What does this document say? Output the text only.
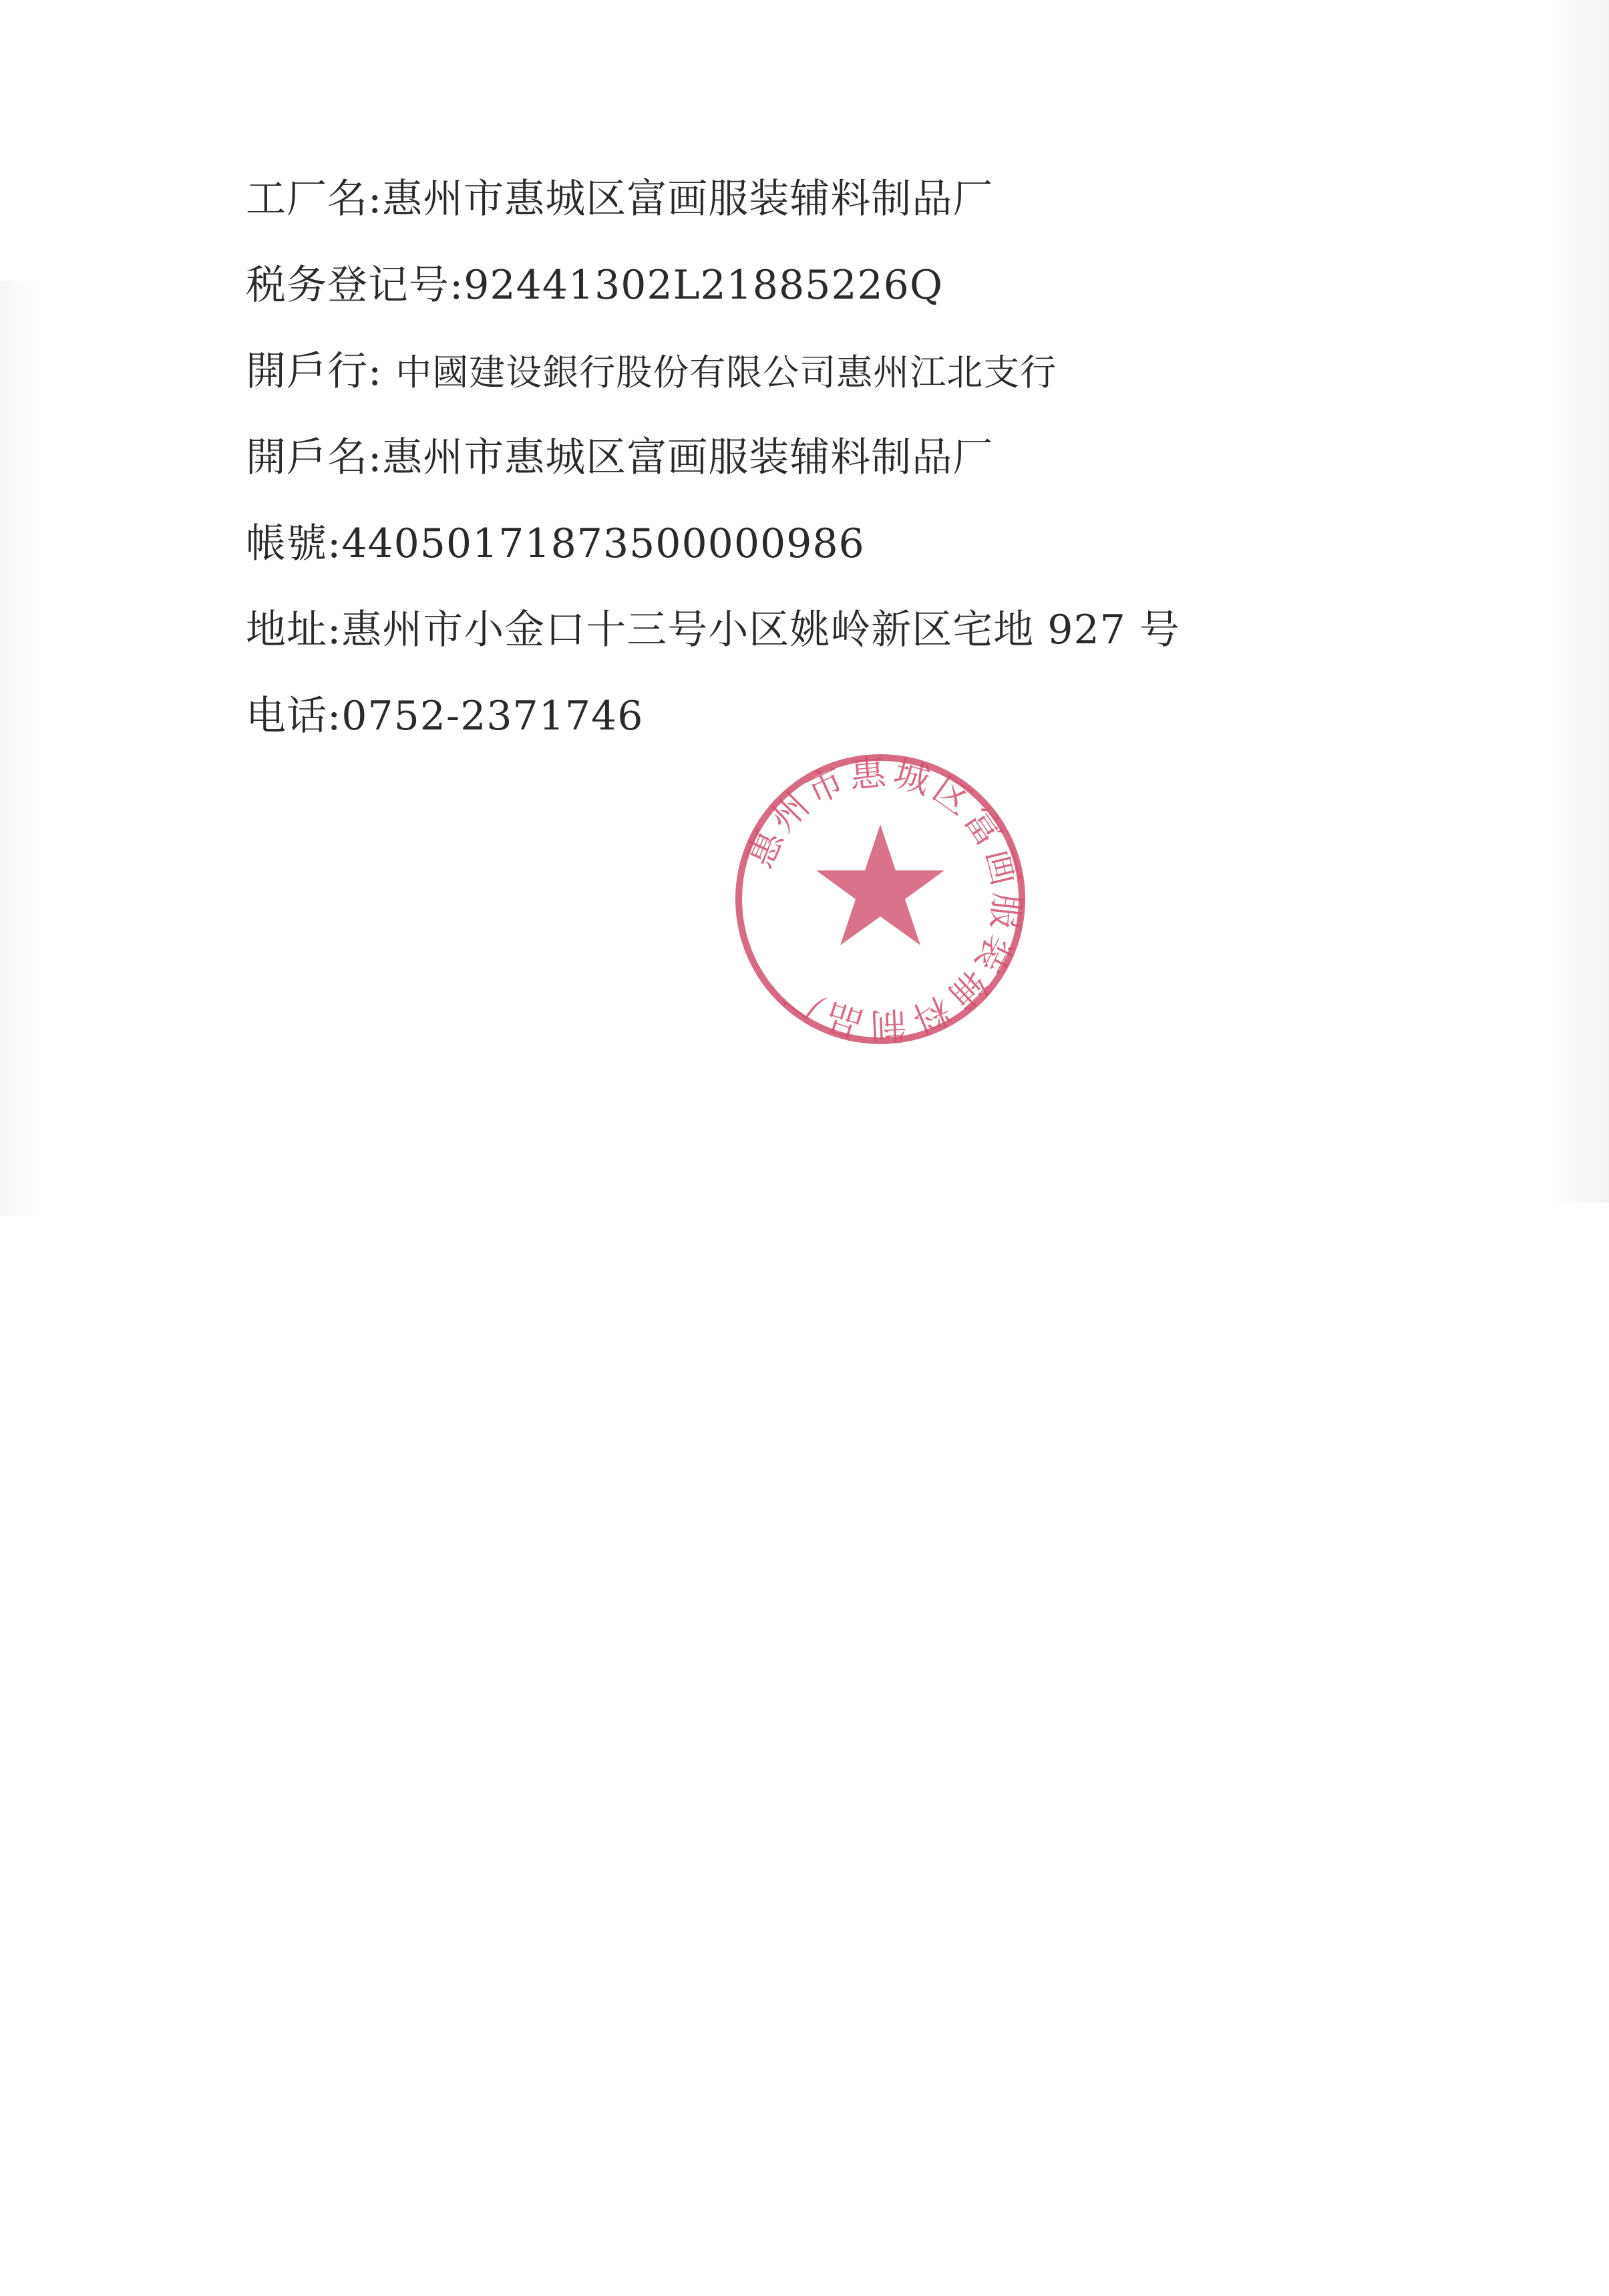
工厂名:惠州市惠城区富画服装辅料制品厂
税务登记号:92441302L21885226Q
開戶行: 中國建设銀行股份有限公司惠州江北支行
開戶名:惠州市惠城区富画服装辅料制品厂
帳號:44050171873500000986
地址:惠州市小金口十三号小区姚岭新区宅地 927 号
电话:0752-2371746
惠州市惠城区富画服装辅料制品厂
